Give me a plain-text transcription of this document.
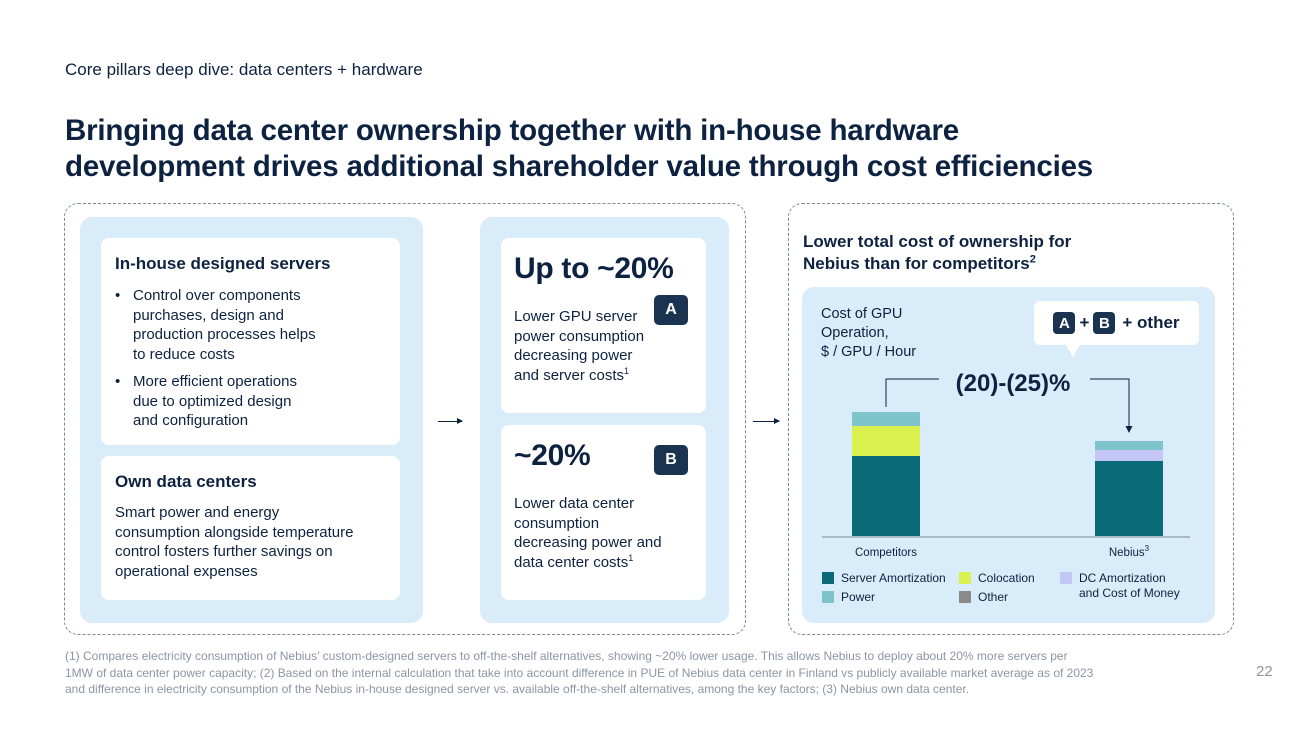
Core pillars deep dive: data centers + hardware
Bringing data center ownership together with in-house hardware
development drives additional shareholder value through cost efficiencies
In-house designed servers
• Control over components
purchases, design and
production processes helps
to reduce costs
• More efficient operations
due to optimized design
and configuration
Own data centers
Smart power and energy
consumption alongside temperature
control fosters further savings on
operational expenses
Up to ~20%
Lower GPU server
power consumption
decreasing power
and server costs$^1$
A
~20%
Lower data center
consumption
decreasing power and
data center costs$^1$
B
Lower total cost of ownership for
Nebius than for competitors$^2$
Cost of GPU
Operation,
$ / GPU / Hour
A + B + other
(20)-(25)%
Competitors	Nebius$^3$
Server Amortization	Colocation	DC Amortization
and Cost of Money
Power	Other
(1) Compares electricity consumption of Nebius’ custom-designed servers to off-the-shelf alternatives, showing ~20% lower usage. This allows Nebius to deploy about 20% more servers per
1MW of data center power capacity; (2) Based on the internal calculation that take into account difference in PUE of Nebius data center in Finland vs publicly available market average as of 2023
and difference in electricity consumption of the Nebius in-house designed server vs. available off-the-shelf alternatives, among the key factors; (3) Nebius own data center.
22
